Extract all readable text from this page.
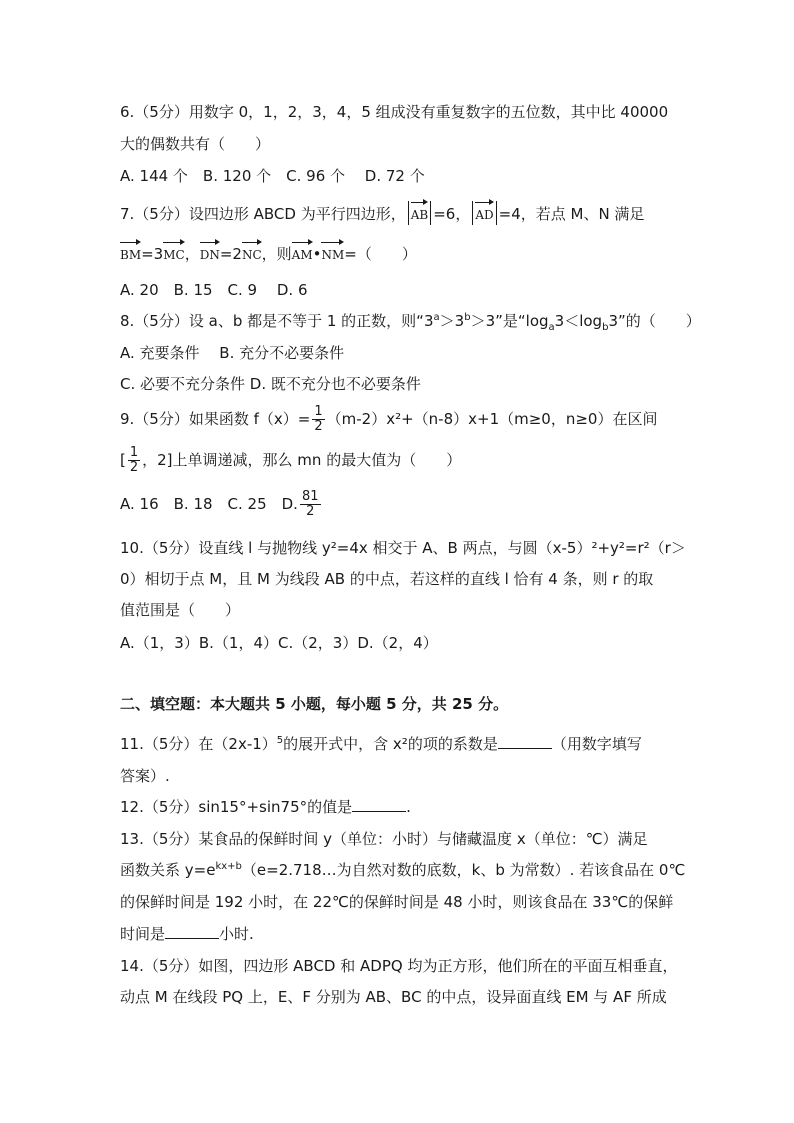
6.（5分）用数字 0，1，2，3，4，5 组成没有重复数字的五位数，其中比 40000
大的偶数共有（　　）
A. 144 个　B. 120 个　C. 96 个　 D. 72 个
7.（5分）设四边形 ABCD 为平行四边形， AB =6， AD =4，若点 M、N 满足
BM=3MC，DN=2NC，则AM•NM=（　　）
A. 20　B. 15　C. 9　 D. 6
8.（5分）设 a、b 都是不等于 1 的正数，则“$3^a>3^b>3$”是“$\log_a3<\log_b3$”的（　　）
A. 充要条件　 B. 充分不必要条件
C. 必要不充分条件 D. 既不充分也不必要条件
9.（5分）如果函数 $f(x)= \frac{1}{2} (m-2)x^2+(n-8)x+1(m\ge 0$，n≥0）在区间
[ $\frac{1}{2}$ ，2]上单调递减，那么 mn 的最大值为（　　）
A. 16　B. 18　C. 25　D. $\frac{81}{2}$
10.（5分）设直线 l 与抛物线 y²=4x 相交于 A、B 两点，与圆（x-5）²+y²=r²（r＞
0）相切于点 M，且 M 为线段 AB 的中点，若这样的直线 l 恰有 4 条，则 r 的取
值范围是（　　）
A.（1，3）B.（1，4）C.（2，3）D.（2，4）
二、填空题：本大题共 5 小题，每小题 5 分，共 25 分。
11.（5分）在$(2x-1)^5$的展开式中，含 x²的项的系数是	（用数字填写
答案）.
12.（5分）sin15°+sin75°的值是	.
13.（5分）某食品的保鲜时间 y（单位：小时）与储藏温度 x（单位：℃）满足
函数关系 $y=e^{kx+b}(e=2.718\dots$为自然对数的底数，k、b 为常数）. 若该食品在 0℃
的保鲜时间是 192 小时，在 22℃的保鲜时间是 48 小时，则该食品在 33℃的保鲜
时间是	小时.
14.（5分）如图，四边形 ABCD 和 ADPQ 均为正方形，他们所在的平面互相垂直，
动点 M 在线段 PQ 上，E、F 分别为 AB、BC 的中点，设异面直线 EM 与 AF 所成
